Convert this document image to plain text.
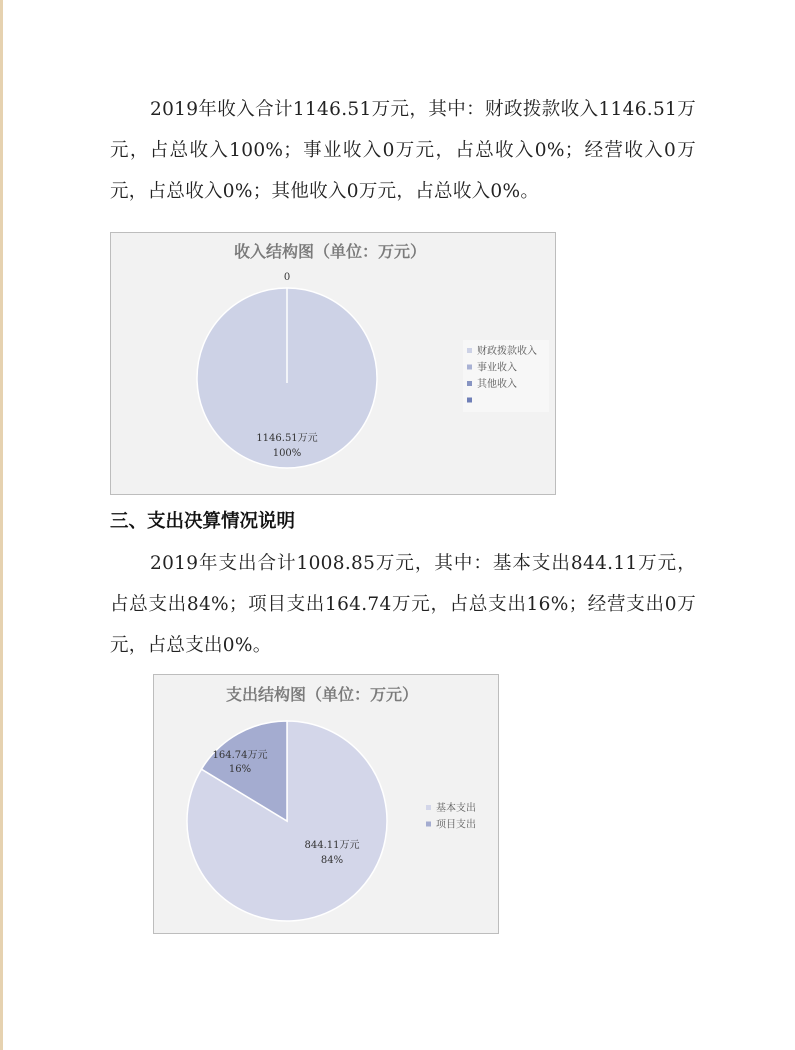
2019年收入合计1146.51万元，其中：财政拨款收入1146.51万元，占总收入100%；事业收入0万元，占总收入0%；经营收入0万元，占总收入0%；其他收入0万元，占总收入0%。

收入结构图（单位：万元）
0
1146.51万元
100%
财政拨款收入
事业收入
其他收入
三、支出决算情况说明

2019年支出合计1008.85万元，其中：基本支出844.11万元，占总支出84%；项目支出164.74万元，占总支出16%；经营支出0万元，占总支出0%。

支出结构图（单位：万元）
164.74万元
16%
844.11万元
84%
基本支出
项目支出
